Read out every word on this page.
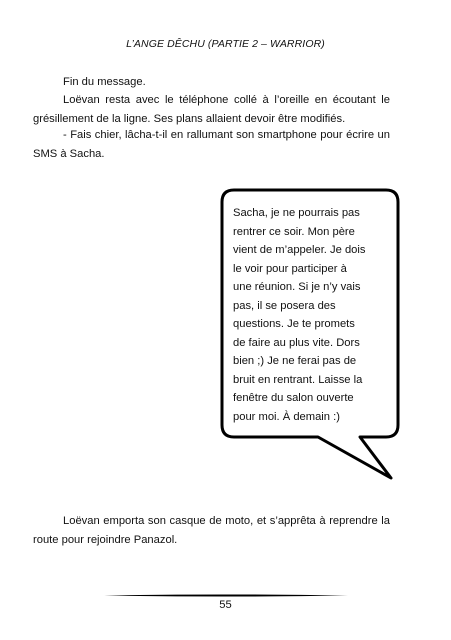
L’ANGE DÊCHU (PARTIE 2 – WARRIOR)
Fin du message.
Loëvan resta avec le téléphone collé à l’oreille en écoutant le grésillement de la ligne. Ses plans allaient devoir être modifiés.
- Fais chier, lâcha-t-il en rallumant son smartphone pour écrire un SMS à Sacha.
Sacha, je ne pourrais pas
rentrer ce soir. Mon père
vient de m’appeler. Je dois
le voir pour participer à
une réunion. Si je n’y vais
pas, il se posera des
questions. Je te promets
de faire au plus vite. Dors
bien ;) Je ne ferai pas de
bruit en rentrant. Laisse la
fenêtre du salon ouverte
pour moi. À demain :)
Loëvan emporta son casque de moto, et s’apprêta à reprendre la route pour rejoindre Panazol.
55
